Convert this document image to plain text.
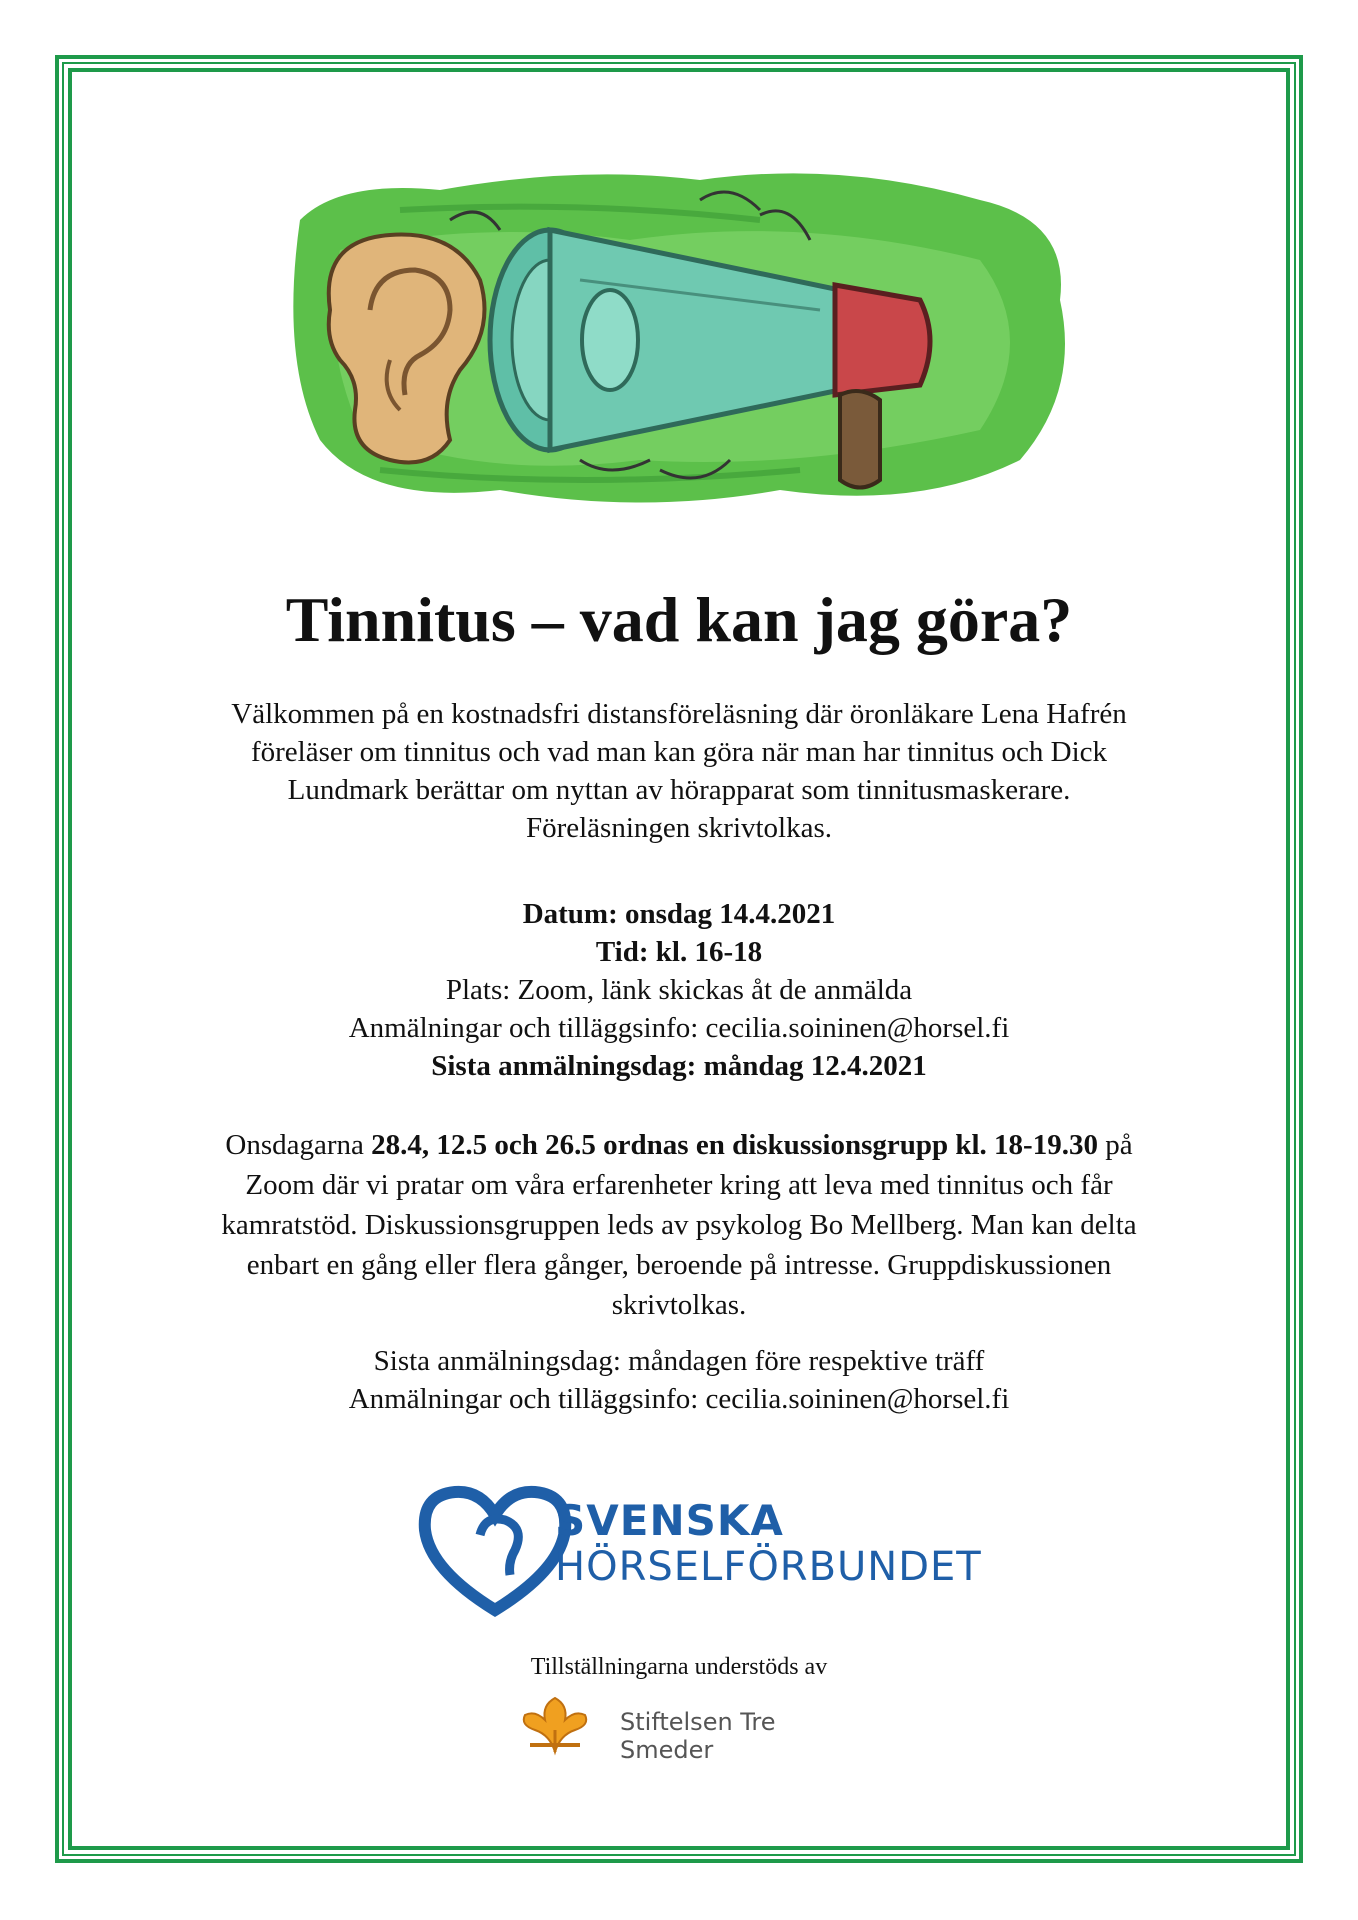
Tinnitus – vad kan jag göra?

Välkommen på en kostnadsfri distansföreläsning där öronläkare Lena Hafrén

föreläser om tinnitus och vad man kan göra när man har tinnitus och Dick

Lundmark berättar om nyttan av hörapparat som tinnitusmaskerare.

Föreläsningen skrivtolkas.

Datum: onsdag 14.4.2021

Tid: kl. 16-18

Plats: Zoom, länk skickas åt de anmälda

Anmälningar och tilläggsinfo: cecilia.soininen@horsel.fi

Sista anmälningsdag: måndag 12.4.2021

Onsdagarna 28.4, 12.5 och 26.5 ordnas en diskussionsgrupp kl. 18-19.30 på

Zoom där vi pratar om våra erfarenheter kring att leva med tinnitus och får

kamratstöd. Diskussionsgruppen leds av psykolog Bo Mellberg. Man kan delta

enbart en gång eller flera gånger, beroende på intresse. Gruppdiskussionen

skrivtolkas.

Sista anmälningsdag: måndagen före respektive träff

Anmälningar och tilläggsinfo: cecilia.soininen@horsel.fi

SVENSKA
HÖRSELFÖRBUNDET
Tillställningarna understöds av
Stiftelsen Tre Smeder
